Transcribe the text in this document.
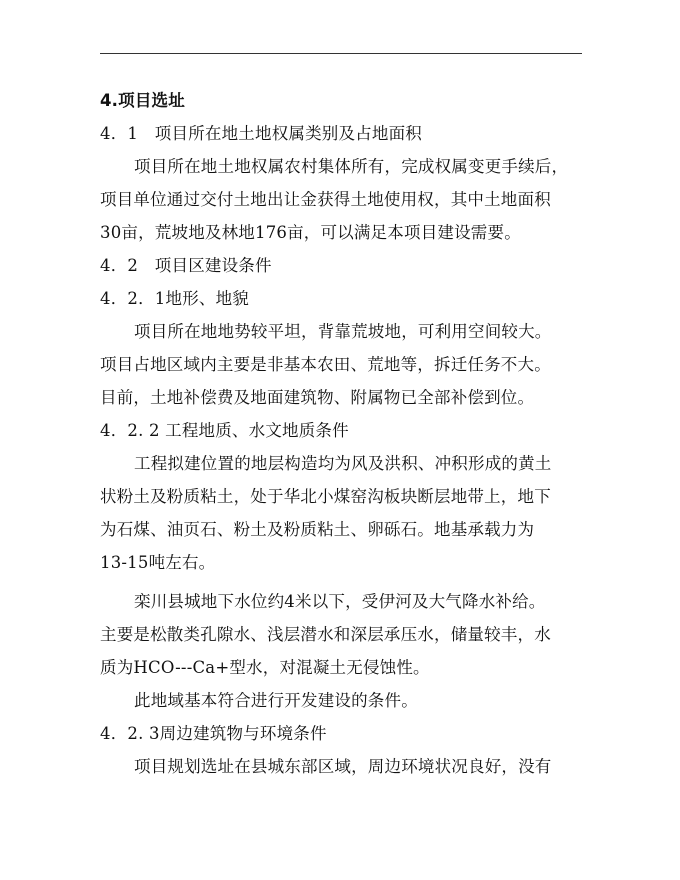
4.项目选址
4．1　项目所在地土地权属类别及占地面积
项目所在地土地权属农村集体所有，完成权属变更手续后，
项目单位通过交付土地出让金获得土地使用权，其中土地面积
30亩，荒坡地及林地176亩，可以满足本项目建设需要。
4．2　项目区建设条件
4．2．1地形、地貌
项目所在地地势较平坦，背靠荒坡地，可利用空间较大。
项目占地区域内主要是非基本农田、荒地等，拆迁任务不大。
目前，土地补偿费及地面建筑物、附属物已全部补偿到位。
4．2. 2 工程地质、水文地质条件
工程拟建位置的地层构造均为风及洪积、冲积形成的黄土
状粉土及粉质粘土，处于华北小煤窑沟板块断层地带上，地下
为石煤、油页石、粉土及粉质粘土、卵砾石。地基承载力为
13-15吨左右。
栾川县城地下水位约4米以下，受伊河及大气降水补给。
主要是松散类孔隙水、浅层潜水和深层承压水，储量较丰，水
质为HCO---Ca+型水，对混凝土无侵蚀性。
此地域基本符合进行开发建设的条件。
4．2. 3周边建筑物与环境条件
项目规划选址在县城东部区域，周边环境状况良好，没有
